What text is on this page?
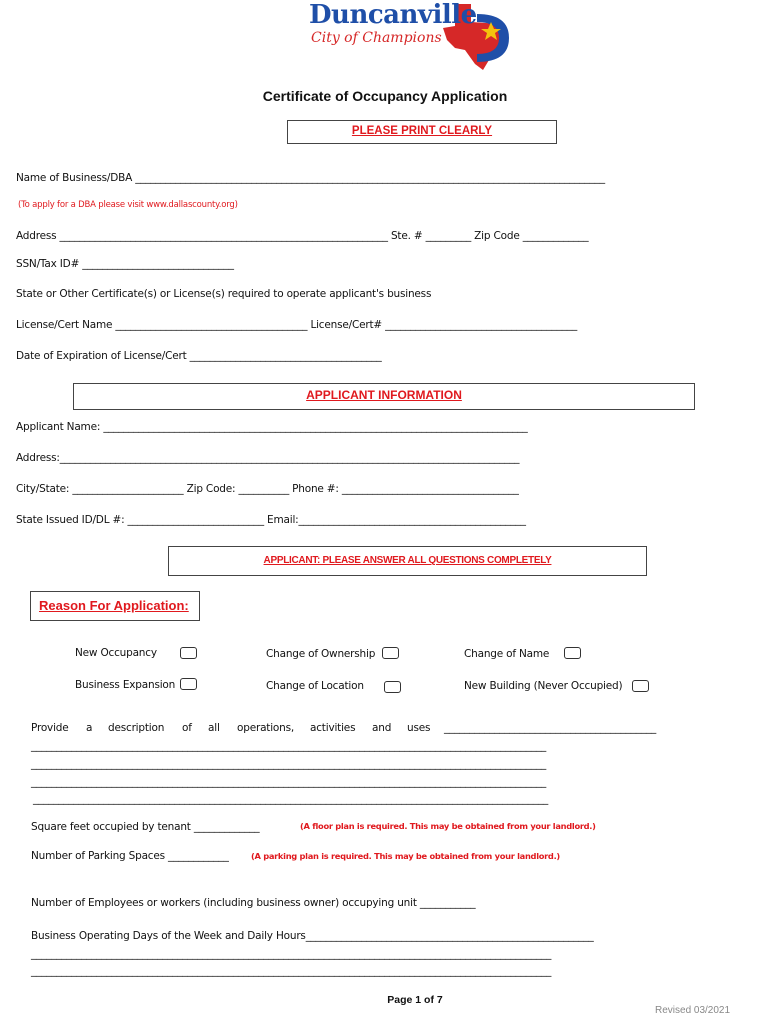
Duncanville
City of Champions
Certificate of Occupancy Application
PLEASE PRINT CLEARLY
Name of Business/DBA _____________________________________________________________________________________________
(To apply for a DBA please visit www.dallascounty.org)
Address _________________________________________________________________ Ste. # _________ Zip Code _____________
SSN/Tax ID# ______________________________
State or Other Certificate(s) or License(s) required to operate applicant's business
License/Cert Name ______________________________________ License/Cert# ______________________________________
Date of Expiration of License/Cert ______________________________________
APPLICANT INFORMATION
Applicant Name: ____________________________________________________________________________________
Address:___________________________________________________________________________________________
City/State: ______________________ Zip Code: __________ Phone #: ___________________________________
State Issued ID/DL #: ___________________________ Email:_____________________________________________
APPLICANT: PLEASE ANSWER ALL QUESTIONS COMPLETELY
Reason For Application:
New Occupancy	Change of Ownership	Change of Name
Business Expansion	Change of Location	New Building (Never Occupied)
Provide a description of all operations, activities and uses __________________________________________
______________________________________________________________________________________________________
______________________________________________________________________________________________________
______________________________________________________________________________________________________
______________________________________________________________________________________________________
Square feet occupied by tenant _____________	(A floor plan is required. This may be obtained from your landlord.)
Number of Parking Spaces ____________	(A parking plan is required. This may be obtained from your landlord.)
Number of Employees or workers (including business owner) occupying unit ___________
Business Operating Days of the Week and Daily Hours_________________________________________________________
_______________________________________________________________________________________________________
_______________________________________________________________________________________________________
Page 1 of 7
Revised 03/2021
